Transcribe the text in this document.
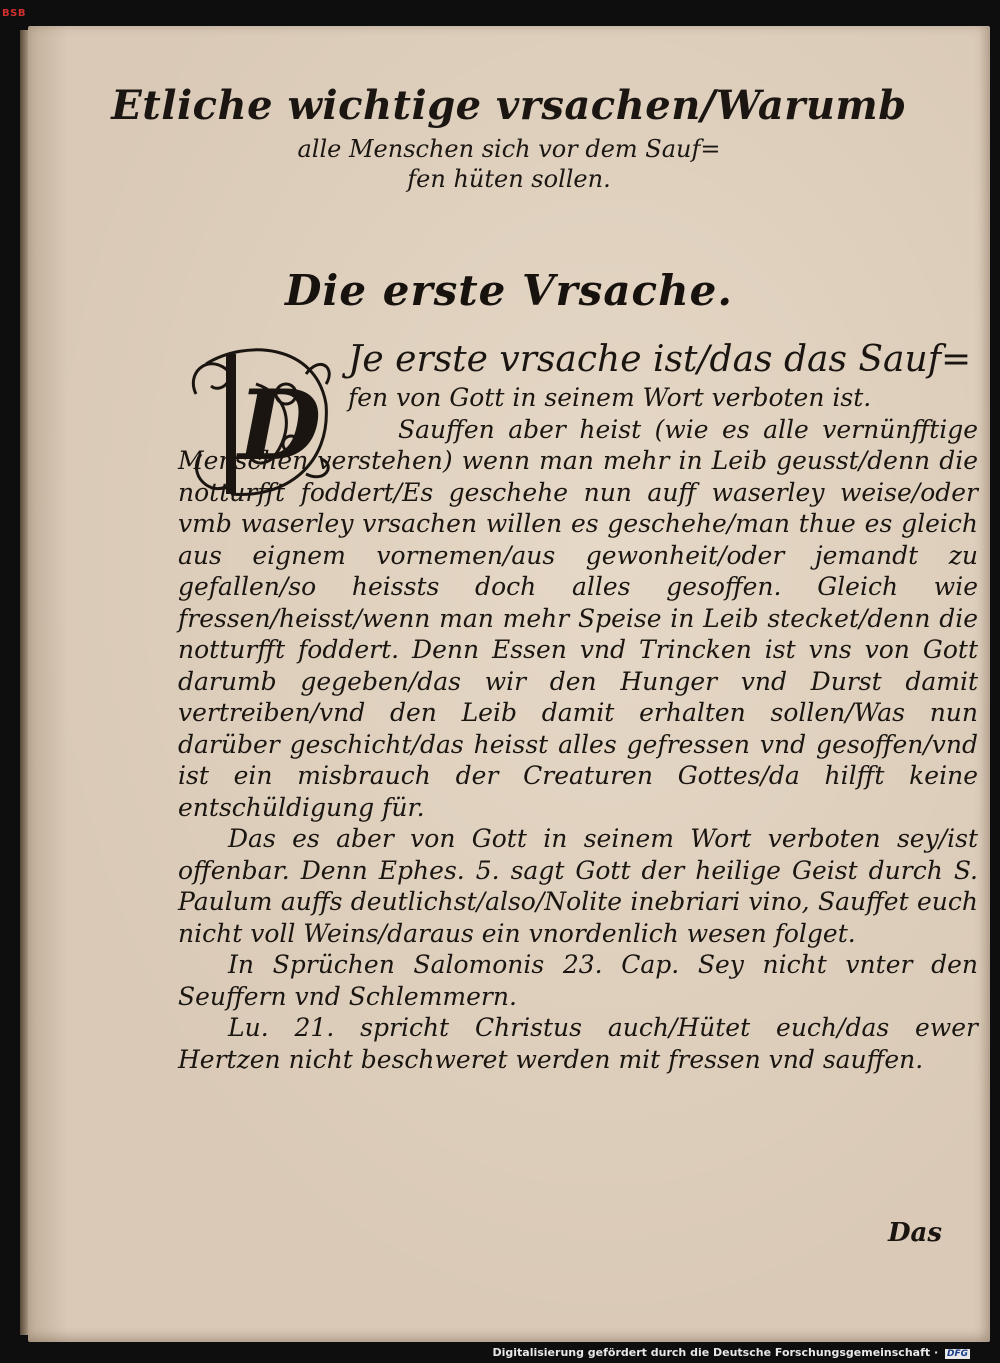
BSB
Etliche wichtige vrsachen/Warumb
alle Menschen sich vor dem Sauf=
fen hüten sollen.
Die erste Vrsache.
D

Je erste vrsache ist/das das Sauf=

fen von Gott in seinem Wort verboten ist.

Sauffen aber heist (wie es alle vernünfftige Menschen verstehen) wenn man mehr in Leib geusst/denn die notturfft foddert/Es geschehe nun auff waserley weise/oder vmb waserley vrsachen willen es geschehe/man thue es gleich aus eignem vornemen/aus gewonheit/oder jemandt zu gefallen/so heissts doch alles gesoffen. Gleich wie fressen/heisst/wenn man mehr Speise in Leib stecket/denn die notturfft foddert. Denn Essen vnd Trincken ist vns von Gott darumb gegeben/das wir den Hunger vnd Durst damit vertreiben/vnd den Leib damit erhalten sollen/Was nun darüber geschicht/das heisst alles gefressen vnd gesoffen/vnd ist ein misbrauch der Creaturen Gottes/da hilfft keine entschüldigung für.

Das es aber von Gott in seinem Wort verboten sey/ist offenbar. Denn Ephes. 5. sagt Gott der heilige Geist durch S. Paulum auffs deutlichst/also/Nolite inebriari vino, Sauffet euch nicht voll Weins/daraus ein vnordenlich wesen folget.

In Sprüchen Salomonis 23. Cap. Sey nicht vnter den Seuffern vnd Schlemmern.

Lu. 21. spricht Christus auch/Hütet euch/das ewer Hertzen nicht beschweret werden mit fressen vnd sauffen.

Das
Digitalisierung gefördert durch die Deutsche Forschungsgemeinschaft · DFG
